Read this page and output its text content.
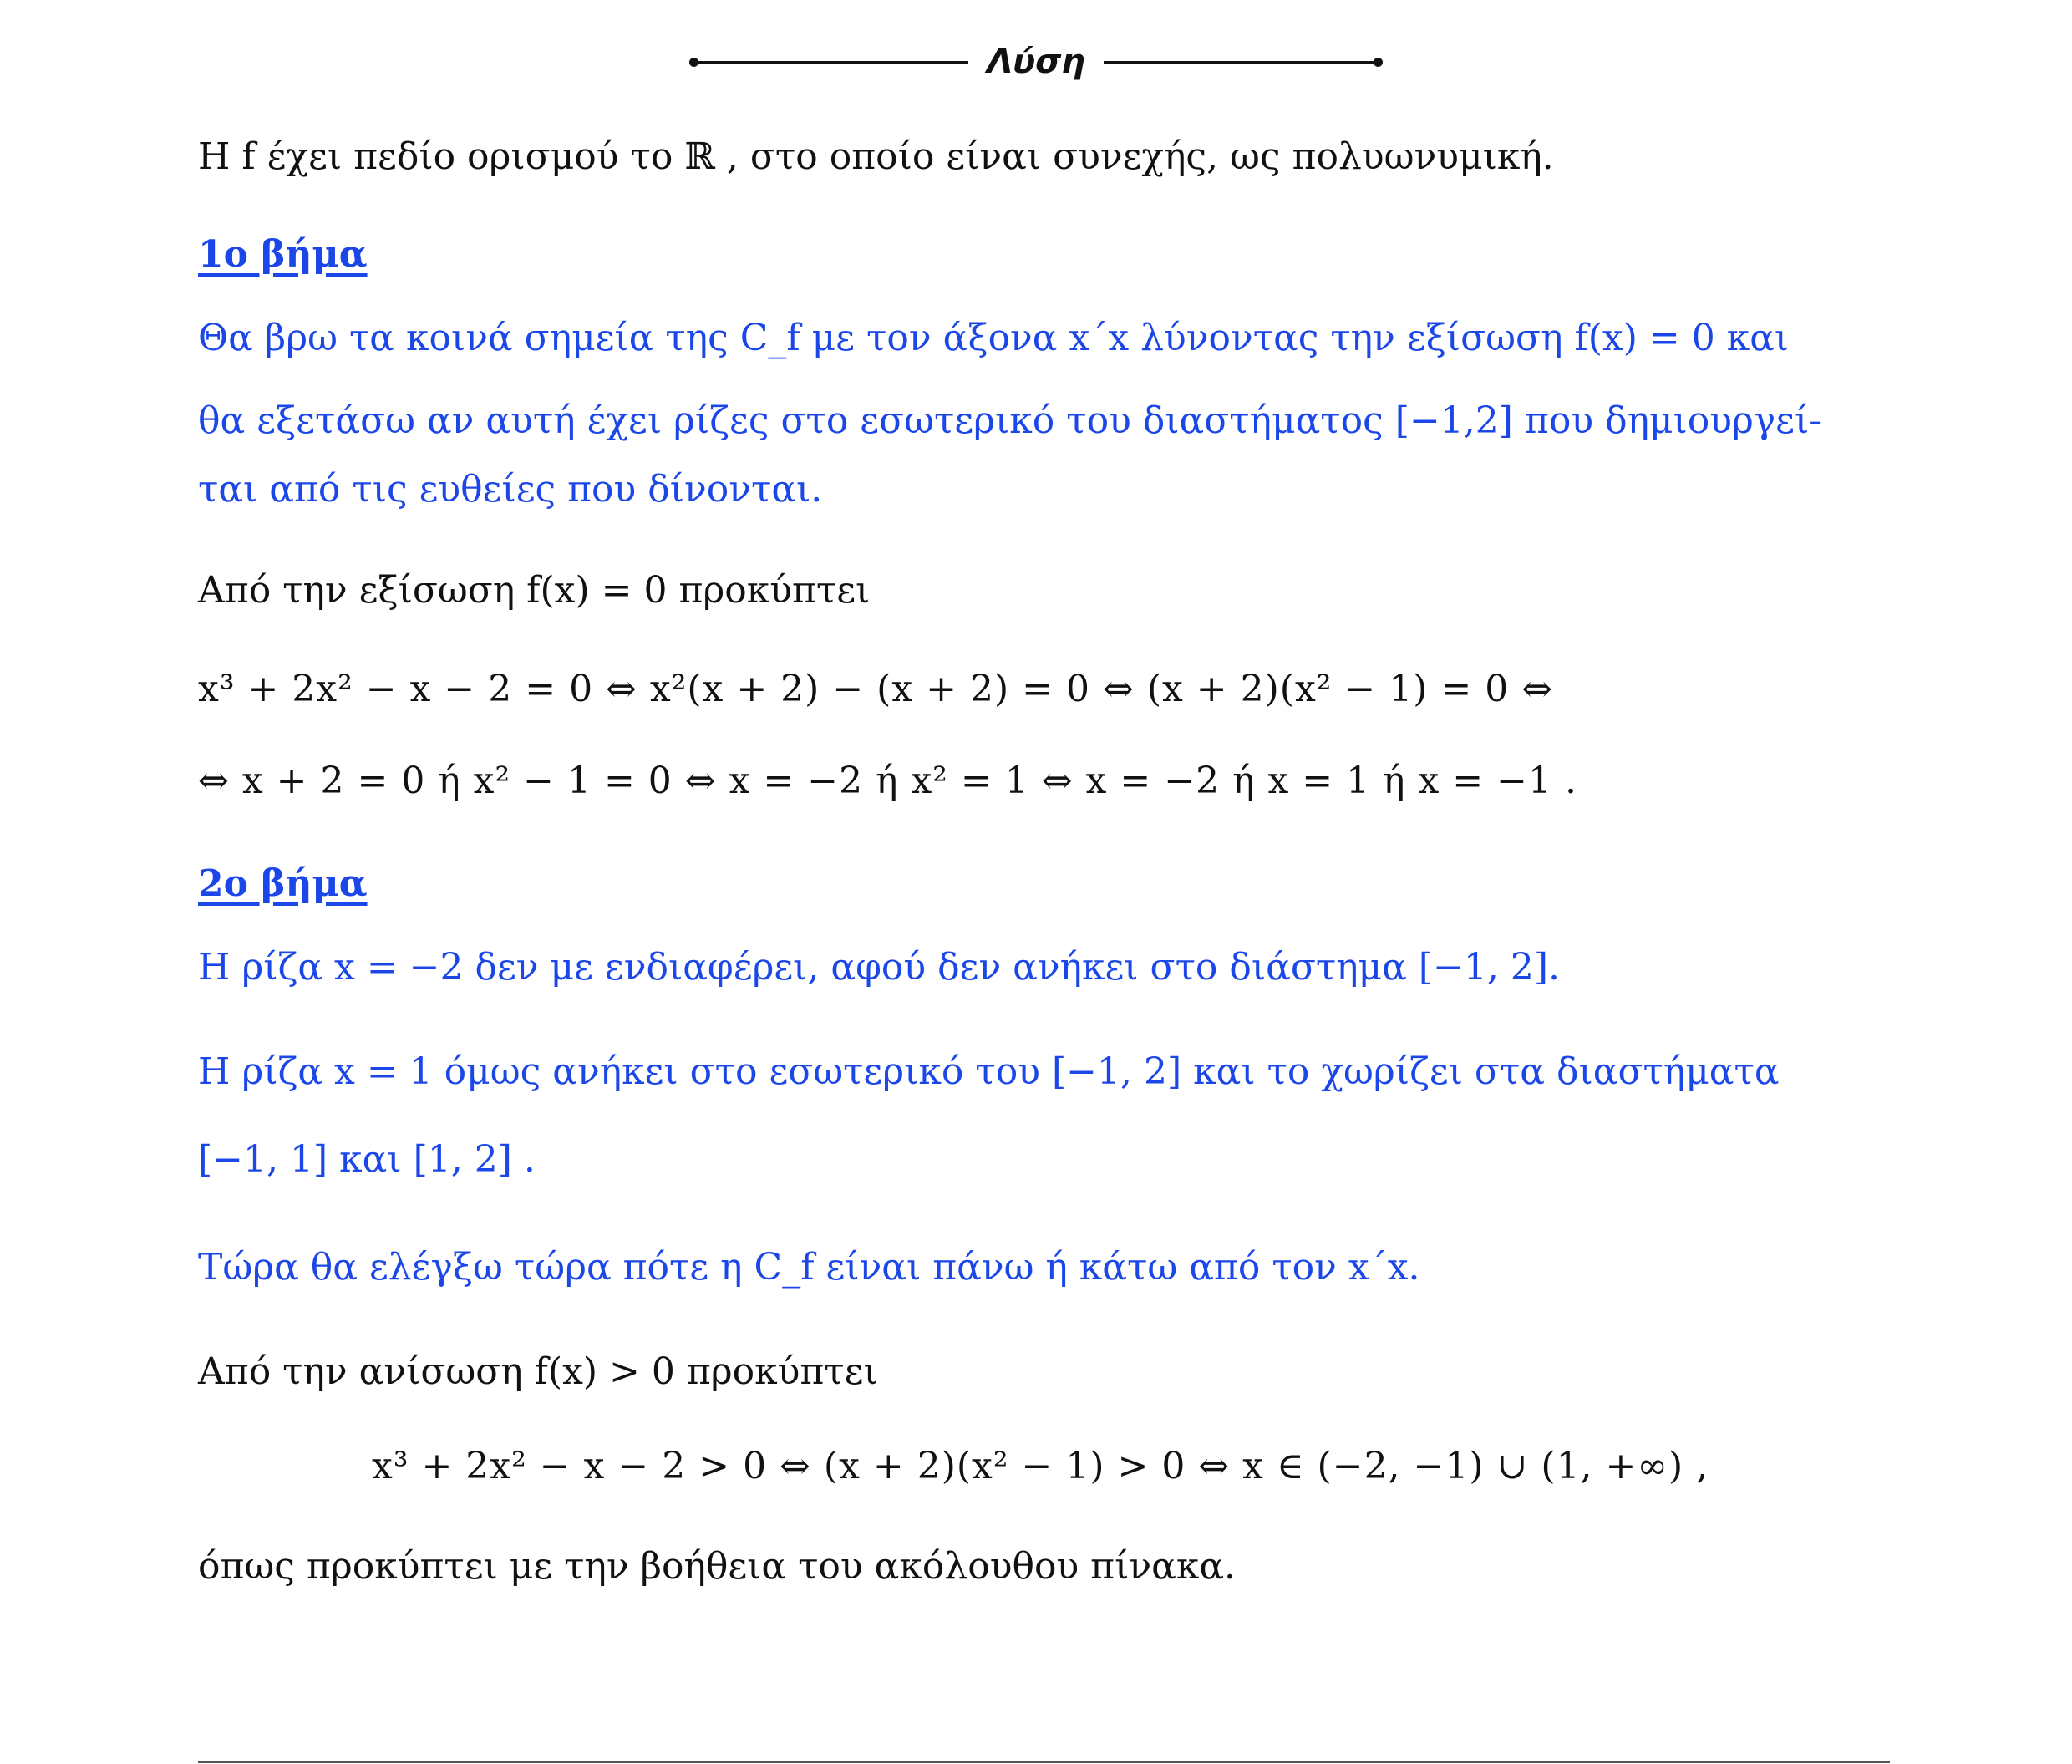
Λύση
Η f έχει πεδίο ορισμού το ℝ , στο οποίο είναι συνεχής, ως πολυωνυμική.
1ο βήμα
Θα βρω τα κοινά σημεία της C_f με τον άξονα x΄x λύνοντας την εξίσωση f(x) = 0 και
θα εξετάσω αν αυτή έχει ρίζες στο εσωτερικό του διαστήματος [−1,2] που δημιουργεί-
ται από τις ευθείες που δίνονται.
Από την εξίσωση f(x) = 0 προκύπτει
x³ + 2x² − x − 2 = 0 ⇔ x²(x + 2) − (x + 2) = 0 ⇔ (x + 2)(x² − 1) = 0 ⇔
⇔ x + 2 = 0 ή x² − 1 = 0 ⇔ x = −2 ή x² = 1 ⇔ x = −2 ή x = 1 ή x = −1 .
2ο βήμα
Η ρίζα x = −2 δεν με ενδιαφέρει, αφού δεν ανήκει στο διάστημα [−1, 2].
Η ρίζα x = 1 όμως ανήκει στο εσωτερικό του [−1, 2] και το χωρίζει στα διαστήματα
[−1, 1] και [1, 2] .
Τώρα θα ελέγξω τώρα πότε η C_f είναι πάνω ή κάτω από τον x΄x.
Από την ανίσωση f(x) > 0 προκύπτει
x³ + 2x² − x − 2 > 0 ⇔ (x + 2)(x² − 1) > 0 ⇔ x ∈ (−2, −1) ∪ (1, +∞) ,
όπως προκύπτει με την βοήθεια του ακόλουθου πίνακα.
